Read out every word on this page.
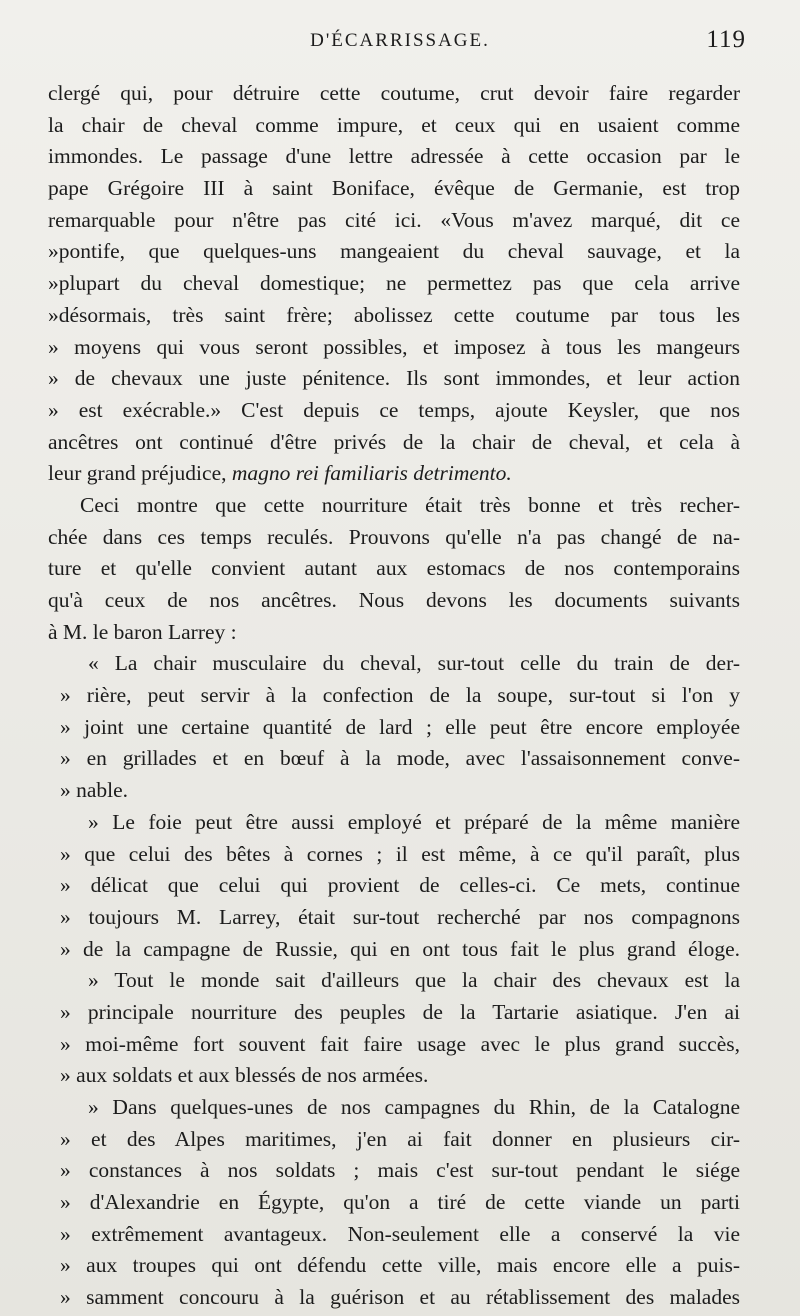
D'ÉCARRISSAGE.	119
clergé qui, pour détruire cette coutume, crut devoir faire regarder
la chair de cheval comme impure, et ceux qui en usaient comme
immondes. Le passage d'une lettre adressée à cette occasion par le
pape Grégoire III à saint Boniface, évêque de Germanie, est trop
remarquable pour n'être pas cité ici. «Vous m'avez marqué, dit ce
»pontife, que quelques-uns mangeaient du cheval sauvage, et la
»plupart du cheval domestique; ne permettez pas que cela arrive
»désormais, très saint frère; abolissez cette coutume par tous les
» moyens qui vous seront possibles, et imposez à tous les mangeurs
» de chevaux une juste pénitence. Ils sont immondes, et leur action
» est exécrable.» C'est depuis ce temps, ajoute Keysler, que nos
ancêtres ont continué d'être privés de la chair de cheval, et cela à
leur grand préjudice, magno rei familiaris detrimento.
Ceci montre que cette nourriture était très bonne et très recher-
chée dans ces temps reculés. Prouvons qu'elle n'a pas changé de na-
ture et qu'elle convient autant aux estomacs de nos contemporains
qu'à ceux de nos ancêtres. Nous devons les documents suivants
à M. le baron Larrey :
« La chair musculaire du cheval, sur-tout celle du train de der-
» rière, peut servir à la confection de la soupe, sur-tout si l'on y
» joint une certaine quantité de lard ; elle peut être encore employée
» en grillades et en bœuf à la mode, avec l'assaisonnement conve-
» nable.
» Le foie peut être aussi employé et préparé de la même manière
» que celui des bêtes à cornes ; il est même, à ce qu'il paraît, plus
» délicat que celui qui provient de celles-ci. Ce mets, continue
» toujours M. Larrey, était sur-tout recherché par nos compagnons
» de la campagne de Russie, qui en ont tous fait le plus grand éloge.
» Tout le monde sait d'ailleurs que la chair des chevaux est la
» principale nourriture des peuples de la Tartarie asiatique. J'en ai
» moi-même fort souvent fait faire usage avec le plus grand succès,
» aux soldats et aux blessés de nos armées.
» Dans quelques-unes de nos campagnes du Rhin, de la Catalogne
» et des Alpes maritimes, j'en ai fait donner en plusieurs cir-
» constances à nos soldats ; mais c'est sur-tout pendant le siége
» d'Alexandrie en Égypte, qu'on a tiré de cette viande un parti
» extrêmement avantageux. Non-seulement elle a conservé la vie
» aux troupes qui ont défendu cette ville, mais encore elle a puis-
» samment concouru à la guérison et au rétablissement des malades
